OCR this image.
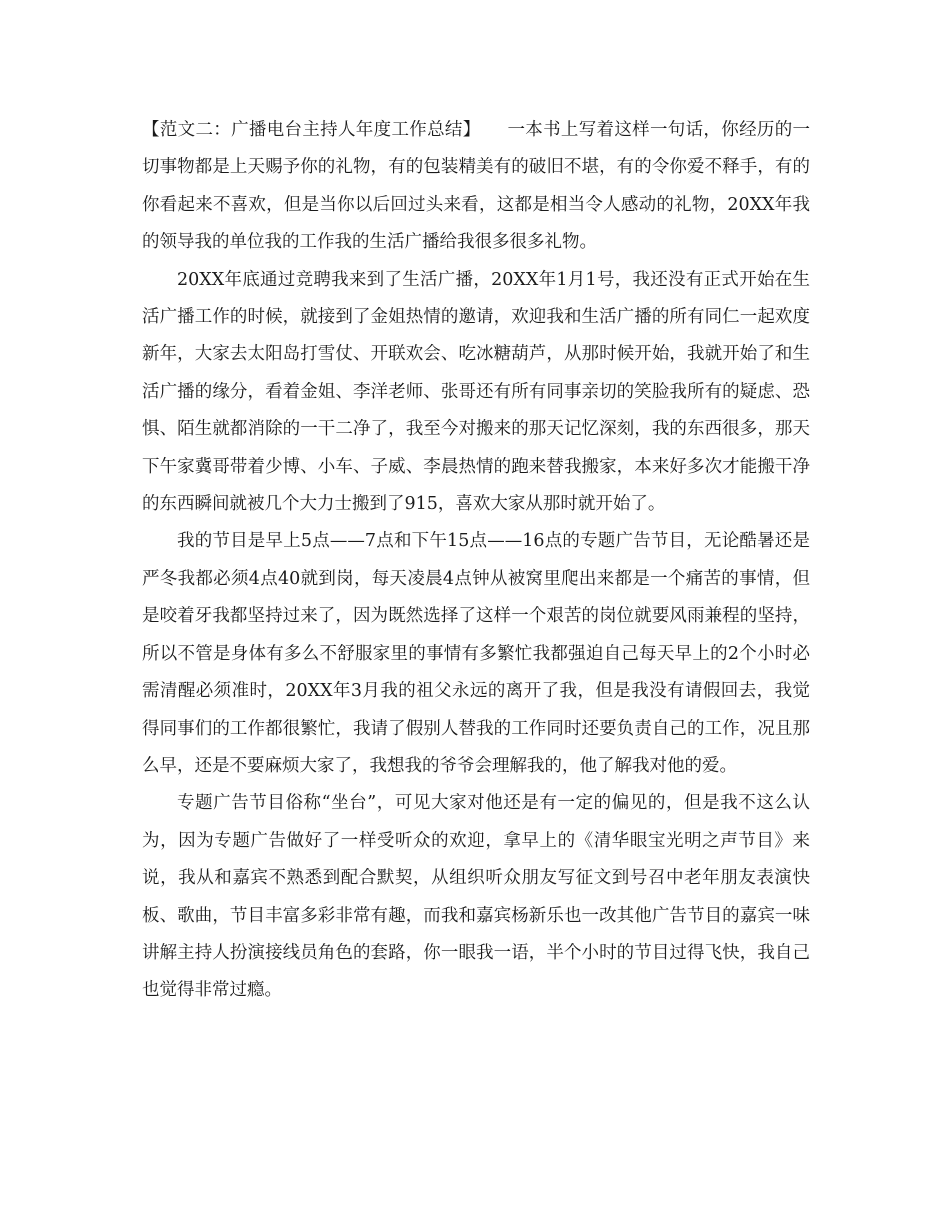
【范文二：广播电台主持人年度工作总结】　　 一本书上写着这样一句话，你经历的一切事物都是上天赐予你的礼物，有的包装精美有的破旧不堪，有的令你爱不释手，有的你看起来不喜欢，但是当你以后回过头来看，这都是相当令人感动的礼物，20XX年我的领导我的单位我的工作我的生活广播给我很多很多礼物。

20XX年底通过竞聘我来到了生活广播，20XX年1月1号，我还没有正式开始在生活广播工作的时候，就接到了金姐热情的邀请，欢迎我和生活广播的所有同仁一起欢度新年，大家去太阳岛打雪仗、开联欢会、吃冰糖葫芦，从那时候开始，我就开始了和生活广播的缘分，看着金姐、李洋老师、张哥还有所有同事亲切的笑脸我所有的疑虑、恐惧、陌生就都消除的一干二净了，我至今对搬来的那天记忆深刻，我的东西很多，那天下午家冀哥带着少博、小车、子威、李晨热情的跑来替我搬家，本来好多次才能搬干净的东西瞬间就被几个大力士搬到了915，喜欢大家从那时就开始了。

我的节目是早上5点——7点和下午15点——16点的专题广告节目，无论酷暑还是严冬我都必须4点40就到岗，每天凌晨4点钟从被窝里爬出来都是一个痛苦的事情，但是咬着牙我都坚持过来了，因为既然选择了这样一个艰苦的岗位就要风雨兼程的坚持，所以不管是身体有多么不舒服家里的事情有多繁忙我都强迫自己每天早上的2个小时必需清醒必须准时，20XX年3月我的祖父永远的离开了我，但是我没有请假回去，我觉得同事们的工作都很繁忙，我请了假别人替我的工作同时还要负责自己的工作，况且那么早，还是不要麻烦大家了，我想我的爷爷会理解我的，他了解我对他的爱。

专题广告节目俗称“坐台”，可见大家对他还是有一定的偏见的，但是我不这么认为，因为专题广告做好了一样受听众的欢迎，拿早上的《清华眼宝光明之声节目》来说，我从和嘉宾不熟悉到配合默契，从组织听众朋友写征文到号召中老年朋友表演快板、歌曲，节目丰富多彩非常有趣，而我和嘉宾杨新乐也一改其他广告节目的嘉宾一味讲解主持人扮演接线员角色的套路，你一眼我一语，半个小时的节目过得飞快，我自己也觉得非常过瘾。
